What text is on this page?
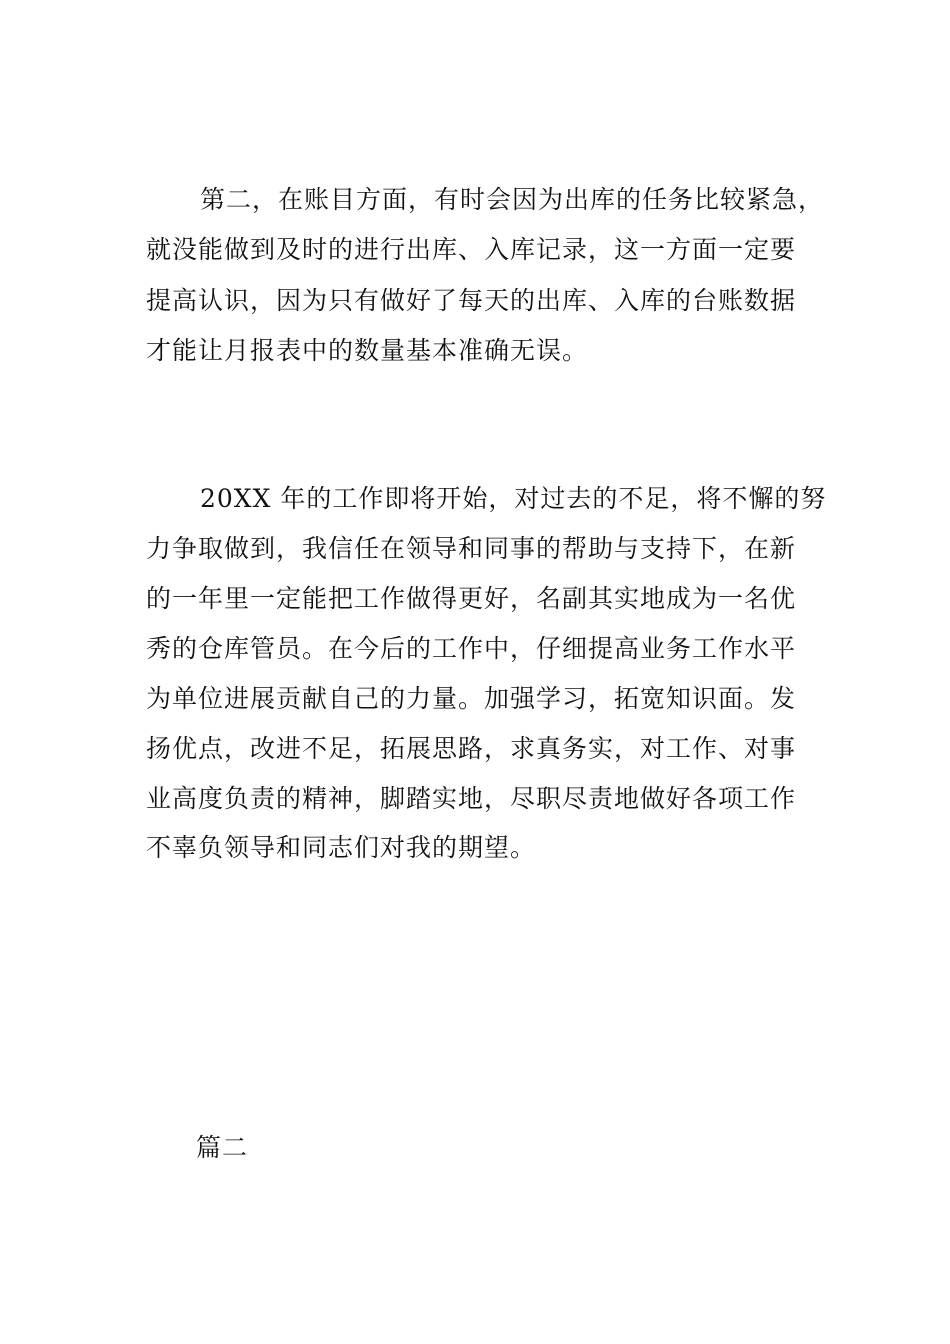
第二，在账目方面，有时会因为出库的任务比较紧急，
就没能做到及时的进行出库、入库记录，这一方面一定要
提高认识，因为只有做好了每天的出库、入库的台账数据
才能让月报表中的数量基本准确无误。
20XX 年的工作即将开始，对过去的不足，将不懈的努
力争取做到，我信任在领导和同事的帮助与支持下，在新
的一年里一定能把工作做得更好，名副其实地成为一名优
秀的仓库管员。在今后的工作中，仔细提高业务工作水平
为单位进展贡献自己的力量。加强学习，拓宽知识面。发
扬优点，改进不足，拓展思路，求真务实，对工作、对事
业高度负责的精神，脚踏实地，尽职尽责地做好各项工作
不辜负领导和同志们对我的期望。
篇二
